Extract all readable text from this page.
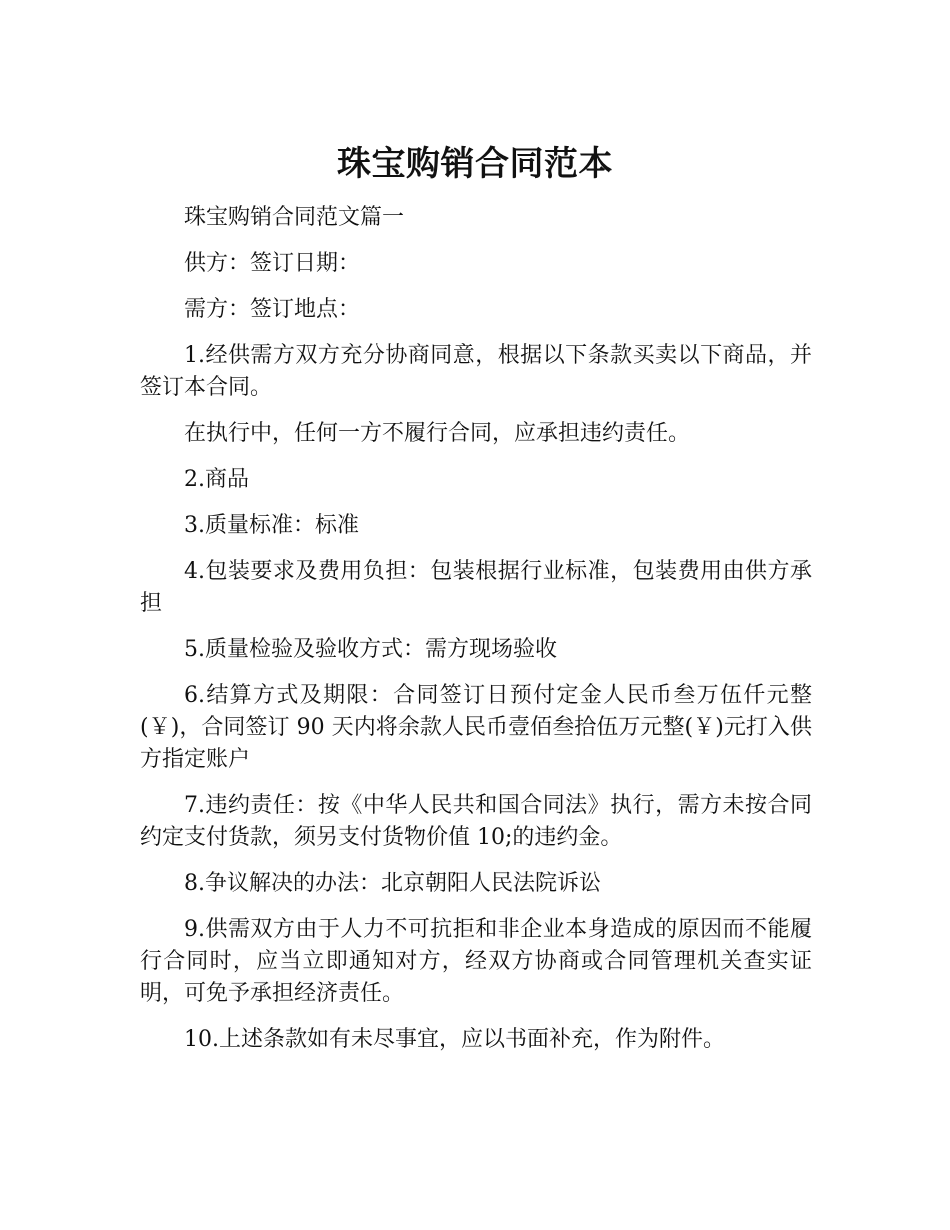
珠宝购销合同范本

珠宝购销合同范文篇一

供方：签订日期：

需方：签订地点：

1.经供需方双方充分协商同意，根据以下条款买卖以下商品，并签订本合同。

在执行中，任何一方不履行合同，应承担违约责任。

2.商品

3.质量标准：标准

4.包装要求及费用负担：包装根据行业标准，包装费用由供方承担

5.质量检验及验收方式：需方现场验收

6.结算方式及期限：合同签订日预付定金人民币叁万伍仟元整(￥)，合同签订 90 天内将余款人民币壹佰叁拾伍万元整(￥)元打入供方指定账户

7.违约责任：按《中华人民共和国合同法》执行，需方未按合同约定支付货款，须另支付货物价值 10;的违约金。

8.争议解决的办法：北京朝阳人民法院诉讼

9.供需双方由于人力不可抗拒和非企业本身造成的原因而不能履行合同时，应当立即通知对方，经双方协商或合同管理机关查实证明，可免予承担经济责任。

10.上述条款如有未尽事宜，应以书面补充，作为附件。
